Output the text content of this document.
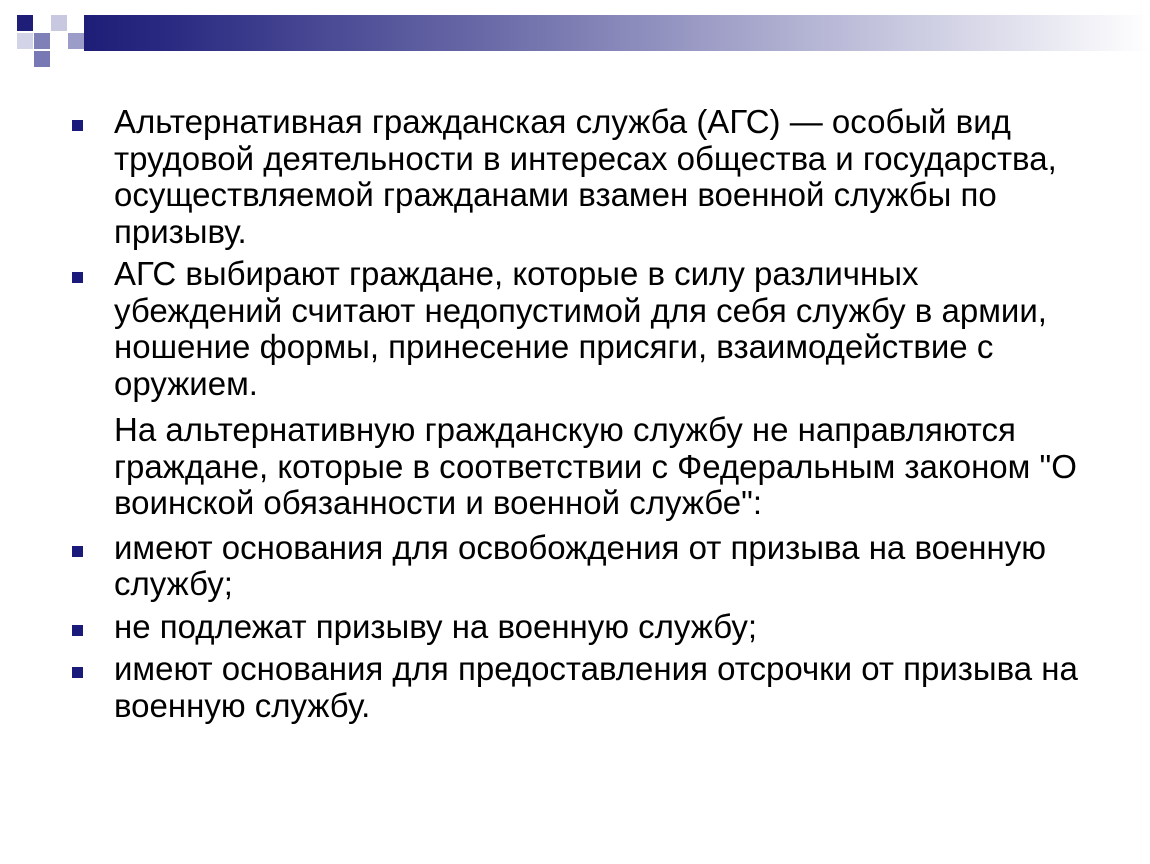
Альтернативная гражданская служба (АГС) — особый вид трудовой деятельности в интересах общества и государства, осуществляемой гражданами взамен военной службы по призыву.
АГС выбирают граждане, которые в силу различных убеждений считают недопустимой для себя службу в армии, ношение формы, принесение присяги, взаимодействие с оружием.
На альтернативную гражданскую службу не направляются граждане, которые в соответствии с Федеральным законом "О воинской обязанности и военной службе":
имеют основания для освобождения от призыва на военную службу;
не подлежат призыву на военную службу;
имеют основания для предоставления отсрочки от призыва на военную службу.
